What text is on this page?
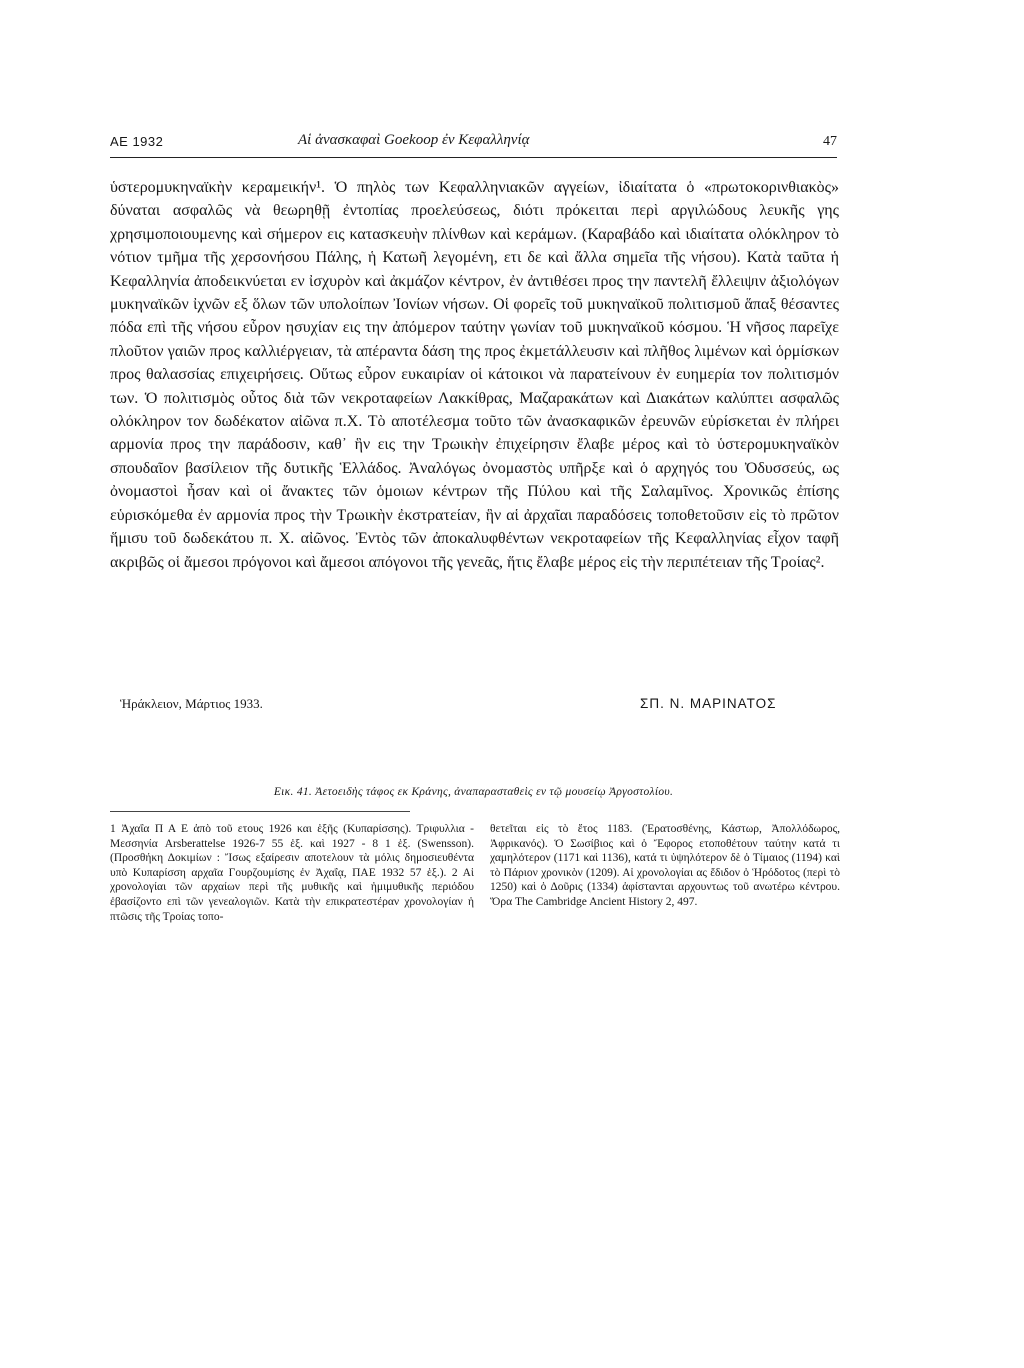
ΑΕ 1932	Αἱ ἀνασκαφαὶ Goekoop ἐν Κεφαλληνίᾳ	47

ὑστερομυκηναϊκὴν κεραμεικήν¹. Ὁ πηλὸς των Κεφαλληνιακῶν αγγείων, ἰδιαίτατα ὁ «πρωτοκορινθιακὸς» δύναται ασφαλῶς νὰ θεωρηθῇ ἐντοπίας προελεύσεως, διότι πρόκειται περὶ αργιλώδους λευκῆς γης χρησιμοποιουμενης καὶ σήμερον εις κατασκευὴν πλίνθων καὶ κεράμων. (Καραβάδο καὶ ιδιαίτατα ολόκληρον τὸ νότιον τμῆμα τῆς χερσονήσου Πάλης, ἡ Κατωῆ λεγομένη, ετι δε καὶ ἄλλα σημεῖα τῆς νήσου). Κατὰ ταῦτα ἡ Κεφαλληνία ἀποδεικνύεται εν ἰσχυρὸν καὶ ἀκμάζον κέντρον, ἐν ἀντιθέσει προς την παντελῆ ἔλλειψιν ἀξιολόγων μυκηναϊκῶν ἰχνῶν εξ ὅλων τῶν υπολοίπων Ἰονίων νήσων. Οἱ φορεῖς τοῦ μυκηναϊκοῦ πολιτισμοῦ ἅπαξ θέσαντες πόδα επὶ τῆς νήσου εὗρον ησυχίαν εις την ἀπόμερον ταύτην γωνίαν τοῦ μυκηναϊκοῦ κόσμου. Ἡ νῆσος παρεῖχε πλοῦτον γαιῶν προς καλλιέργειαν, τὰ απέραντα δάση της προς ἐκμετάλλευσιν καὶ πλῆθος λιμένων καὶ ὁρμίσκων προς θαλασσίας επιχειρήσεις. Οὕτως εὗρον ευκαιρίαν οἱ κάτοικοι νὰ παρατείνουν ἐν ευημερία τον πολιτισμόν των. Ὁ πολιτισμὸς οὗτος διὰ τῶν νεκροταφείων Λακκίθρας, Μαζαρακάτων καὶ Διακάτων καλύπτει ασφαλῶς ολόκληρον τον δωδέκατον αἰῶνα π.Χ. Τὸ αποτέλεσμα τοῦτο τῶν ἀνασκαφικῶν ἐρευνῶν εὑρίσκεται ἐν πλήρει αρμονία προς την παράδοσιν, καθ᾽ ἣν εις την Τρωικὴν ἐπιχείρησιν ἔλαβε μέρος καὶ τὸ ὑστερομυκηναϊκὸν σπουδαῖον βασίλειον τῆς δυτικῆς Ἑλλάδος. Ἀναλόγως ὀνομαστὸς υπῆρξε καὶ ὁ αρχηγός του Ὀδυσσεύς, ως ὀνομαστοὶ ἦσαν καὶ οἱ ἄνακτες τῶν ὁμοιων κέντρων τῆς Πύλου καὶ τῆς Σαλαμῖνος. Χρονικῶς ἐπίσης εὑρισκόμεθα ἐν αρμονία προς τὴν Τρωικὴν ἐκστρατείαν, ἣν αἱ ἀρχαῖαι παραδόσεις τοποθετοῦσιν εἰς τὸ πρῶτον ἥμισυ τοῦ δωδεκάτου π. Χ. αἰῶνος. Ἐντὸς τῶν ἀποκαλυφθέντων νεκροταφείων τῆς Κεφαλληνίας εἶχον ταφῆ ακριβῶς οἱ ἄμεσοι πρόγονοι καὶ ἄμεσοι απόγονοι τῆς γενεᾶς, ἥτις ἔλαβε μέρος εἰς τὴν περιπέτειαν τῆς Τροίας².

Ἡράκλειον, Μάρτιος 1933.	ΣΠ. Ν. ΜΑΡΙΝΑΤΟΣ
Εικ. 41. Ἀετοειδὴς τάφος εκ Κράνης, ἀναπαρασταθεὶς εν τῷ μουσείῳ Ἀργοστολίου.

1 Ἀχαΐα Π Α Ε ἀπὸ τοῦ ετους 1926 και ἑξῆς (Κυπαρίσσης). Τριφυλλια - Μεσσηνία Arsberattelse 1926-7 55 ἑξ. καὶ 1927 - 8 1 ἑξ. (Swensson). (Προσθήκη Δοκιμίων : Ἴσως εξαίρεσιν αποτελουν τὰ μόλις δημοσιευθέντα υπὸ Κυπαρίσση αρχαῖα Γουρζουμίσης ἐν Ἀχαΐᾳ, ΠΑΕ 1932 57 ἑξ.). 2 Αἱ χρονολογίαι τῶν αρχαίων περὶ τῆς μυθικῆς καὶ ἡμιμυθικῆς περιόδου ἐβασίζοντο επὶ τῶν γενεαλογιῶν. Κατὰ τὴν επικρατεστέραν χρονολογίαν ἡ πτῶσις τῆς Τροίας τοπο-

θετεῖται εἰς τὸ ἔτος 1183. (Ἐρατοσθένης, Κάστωρ, Ἀπολλόδωρος, Ἀφρικανός). Ὁ Σωσίβιος καὶ ὁ Ἔφορος ετοποθέτουν ταύτην κατά τι χαμηλότερον (1171 καὶ 1136), κατά τι ὑψηλότερον δὲ ὁ Τίμαιος (1194) καὶ τὸ Πάριον χρονικὸν (1209). Αἱ χρονολογίαι ας ἔδιδον ὁ Ἡρόδοτος (περὶ τὸ 1250) καὶ ὁ Δοῦρις (1334) ἀφίστανται αρχουντως τοῦ ανωτέρω κέντρου. Ὅρα The Cambridge Ancient History 2, 497.
